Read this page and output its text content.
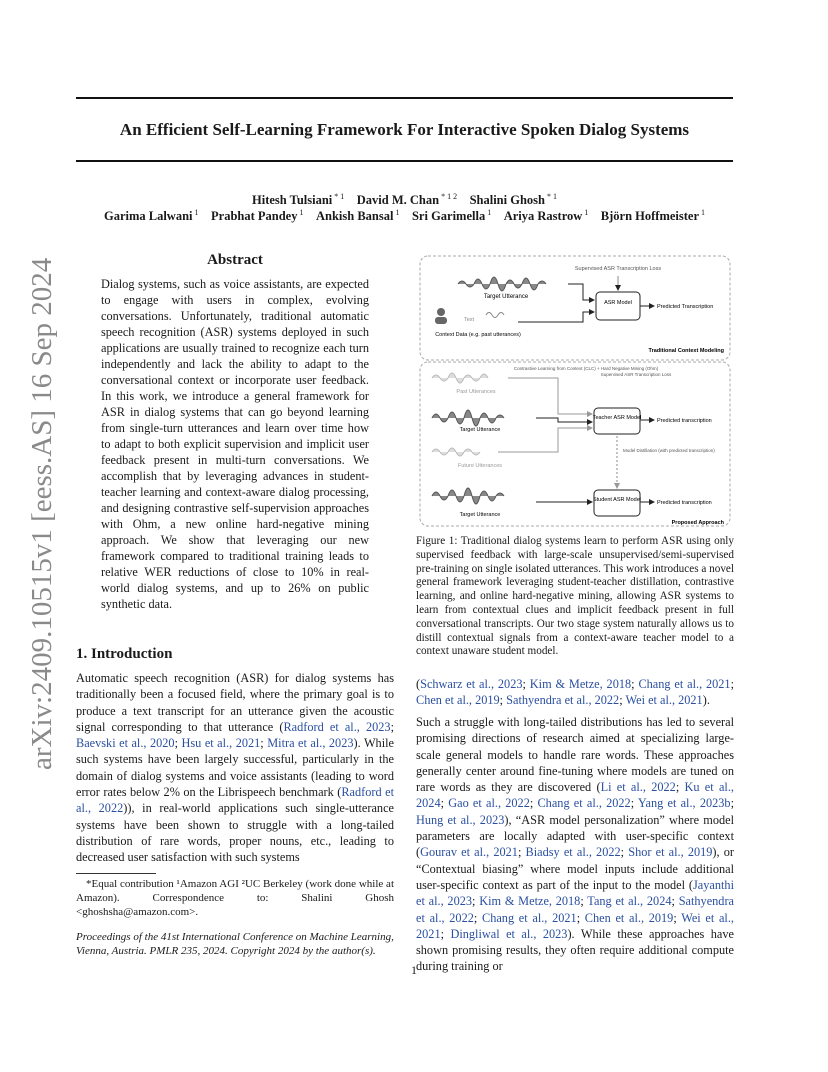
An Efficient Self-Learning Framework For Interactive Spoken Dialog Systems
Hitesh Tulsiani $^{* 1}$  David M. Chan $^{* 1 2}$  Shalini Ghosh $^{* 1}$
Garima Lalwani $^1$  Prabhat Pandey $^1$  Ankish Bansal $^1$  Sri Garimella $^1$  Ariya Rastrow $^1$  Björn Hoffmeister $^1$
arXiv:2409.10515v1 [eess.AS] 16 Sep 2024	Abstract
Dialog systems, such as voice assistants, are expected to engage with users in complex, evolving conversations. Unfortunately, traditional automatic speech recognition (ASR) systems deployed in such applications are usually trained to recognize each turn independently and lack the ability to adapt to the conversational context or incorporate user feedback. In this work, we introduce a general framework for ASR in dialog systems that can go beyond learning from single-turn utterances and learn over time how to adapt to both explicit supervision and implicit user feedback present in multi-turn conversations. We accomplish that by leveraging advances in student-teacher learning and context-aware dialog processing, and designing contrastive self-supervision approaches with Ohm, a new online hard-negative mining approach. We show that leveraging our new framework compared to traditional training leads to relative WER reductions of close to 10% in real-world dialog systems, and up to 26% on public synthetic data.
1. Introduction
Automatic speech recognition (ASR) for dialog systems has traditionally been a focused field, where the primary goal is to produce a text transcript for an utterance given the acoustic signal corresponding to that utterance (Radford et al., 2023; Baevski et al., 2020; Hsu et al., 2021; Mitra et al., 2023). While such systems have been largely successful, particularly in the domain of dialog systems and voice assistants (leading to word error rates below 2% on the Librispeech benchmark (Radford et al., 2022)), in real-world applications such single-utterance systems have been shown to struggle with a long-tailed distribution of rare words, proper nouns, etc., leading to decreased user satisfaction with such systems
*Equal contribution ¹Amazon AGI ²UC Berkeley (work done while at Amazon). Correspondence to: Shalini Ghosh <ghoshsha@amazon.com>.
Proceedings of the 41st International Conference on Machine Learning, Vienna, Austria. PMLR 235, 2024. Copyright 2024 by the author(s).
Target Utterance
Supervised ASR Transcription Loss
Text
Context Data (e.g. past utterances)
ASR Model
Predicted Transcription
Traditional Context Modeling
Contrastive Learning from Context (CLC) + Hard Negative Mining (Ohm)
Supervised ASR Transcription Loss
Past Utterances
Target Utterance
Future Utterances
Teacher ASR Model	Predicted transcription
Model Distillation (with predicted transcription)
Target Utterance
Student ASR Model	Predicted transcription
Proposed Approach
Figure 1: Traditional dialog systems learn to perform ASR using only supervised feedback with large-scale unsupervised/semi-supervised pre-training on single isolated utterances. This work introduces a novel general framework leveraging student-teacher distillation, contrastive learning, and online hard-negative mining, allowing ASR systems to learn from contextual clues and implicit feedback present in full conversational transcripts. Our two stage system naturally allows us to distill contextual signals from a context-aware teacher model to a context unaware student model.
(Schwarz et al., 2023; Kim & Metze, 2018; Chang et al., 2021; Chen et al., 2019; Sathyendra et al., 2022; Wei et al., 2021).
Such a struggle with long-tailed distributions has led to several promising directions of research aimed at specializing large-scale general models to handle rare words. These approaches generally center around fine-tuning where models are tuned on rare words as they are discovered (Li et al., 2022; Ku et al., 2024; Gao et al., 2022; Chang et al., 2022; Yang et al., 2023b; Hung et al., 2023), “ASR model personalization” where model parameters are locally adapted with user-specific context (Gourav et al., 2021; Biadsy et al., 2022; Shor et al., 2019), or “Contextual biasing” where model inputs include additional user-specific context as part of the input to the model (Jayanthi et al., 2023; Kim & Metze, 2018; Tang et al., 2024; Sathyendra et al., 2022; Chang et al., 2021; Chen et al., 2019; Wei et al., 2021; Dingliwal et al., 2023). While these approaches have shown promising results, they often require additional compute during training or
1
